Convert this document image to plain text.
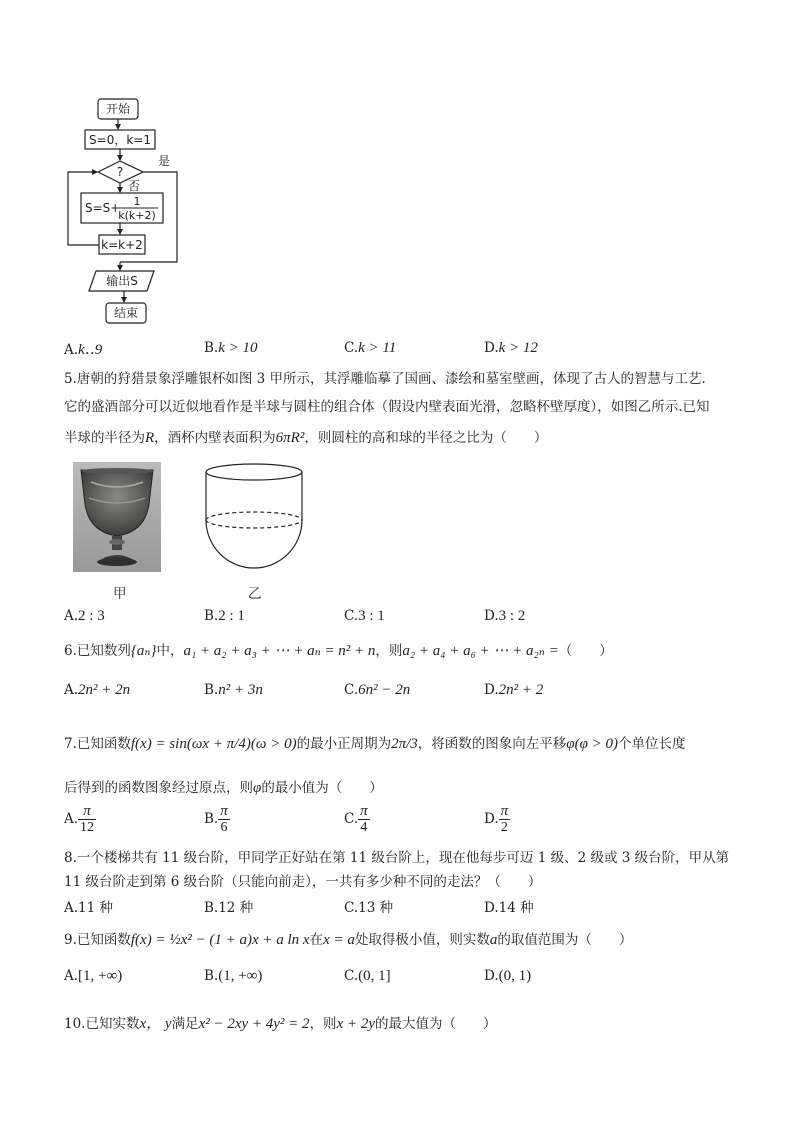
开始
S=0，k=1
?
是
否
S=S+ 1
k(k+2)
k=k+2
输出S
结束
A.k‥9	B.k > 10	C.k > 11	D.k > 12
5.唐朝的狩猎景象浮雕银杯如图 3 甲所示，其浮雕临摹了国画、漆绘和墓室壁画，体现了古人的智慧与工艺.
它的盛酒部分可以近似地看作是半球与圆柱的组合体（假设内壁表面光滑，忽略杯壁厚度），如图乙所示.已知
半球的半径为R，酒杯内壁表面积为6πR²，则圆柱的高和球的半径之比为（　　）
甲	乙
A.2 : 3	B.2 : 1	C.3 : 1	D.3 : 2
6.已知数列{aₙ}中，a₁ + a₂ + a₃ + ⋯ + aₙ = n² + n，则a₂ + a₄ + a₆ + ⋯ + a₂ₙ =（　　）
A.2n² + 2n	B.n² + 3n	C.6n² − 2n	D.2n² + 2
7.已知函数f(x) = sin(ωx + π/4)(ω > 0)的最小正周期为2π/3，将函数的图象向左平移φ(φ > 0)个单位长度
后得到的函数图象经过原点，则φ的最小值为（　　）
A. $\frac{\pi}{12}$	B. $\frac{\pi}{6}$	C. $\frac{\pi}{4}$	D. $\frac{\pi}{2}$
8.一个楼梯共有 11 级台阶，甲同学正好站在第 11 级台阶上，现在他每步可迈 1 级、2 级或 3 级台阶，甲从第
11 级台阶走到第 6 级台阶（只能向前走），一共有多少种不同的走法？（　　）
A.11 种	B.12 种	C.13 种	D.14 种
9.已知函数f(x) = ½x² − (1 + a)x + a ln x在x = a处取得极小值，则实数a的取值范围为（　　）
A.[1, +∞)	B.(1, +∞)	C.(0, 1]	D.(0, 1)
10.已知实数x， y满足x² − 2xy + 4y² = 2，则x + 2y的最大值为（　　）
